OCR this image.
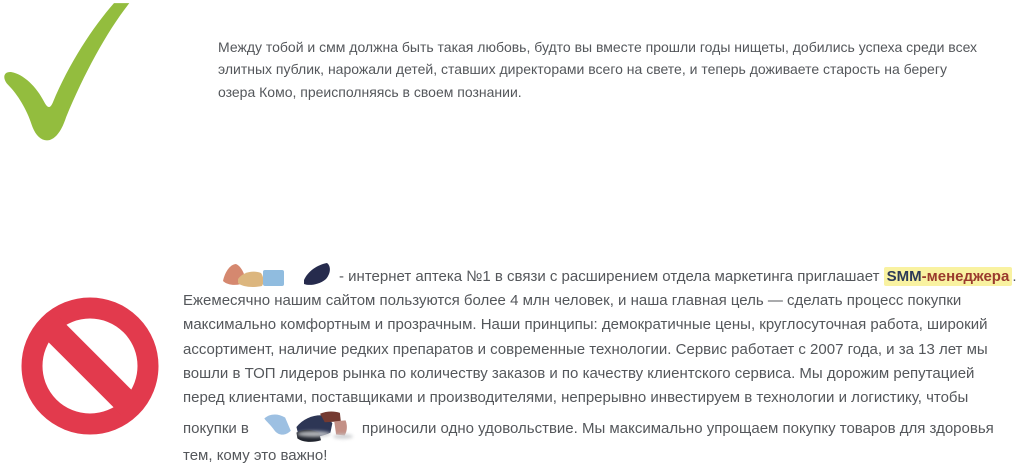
Между тобой и смм должна быть такая любовь, будто вы вместе прошли годы нищеты, добились успеха среди всех
элитных публик, нарожали детей, ставших директорами всего на свете, и теперь доживаете старость на берегу
озера Комо, преисполняясь в своем познании.
- интернет аптека №1 в связи с расширением отдела маркетинга приглашает SMM-менеджера .
Ежемесячно нашим сайтом пользуются более 4 млн человек, и наша главная цель — сделать процесс покупки
максимально комфортным и прозрачным. Наши принципы: демократичные цены, круглосуточная работа, широкий
ассортимент, наличие редких препаратов и современные технологии. Сервис работает с 2007 года, и за 13 лет мы
вошли в ТОП лидеров рынка по количеству заказов и по качеству клиентского сервиса. Мы дорожим репутацией
перед клиентами, поставщиками и производителями, непрерывно инвестируем в технологии и логистику, чтобы
покупки в	приносили одно удовольствие. Мы максимально упрощаем покупку товаров для здоровья
тем, кому это важно!
